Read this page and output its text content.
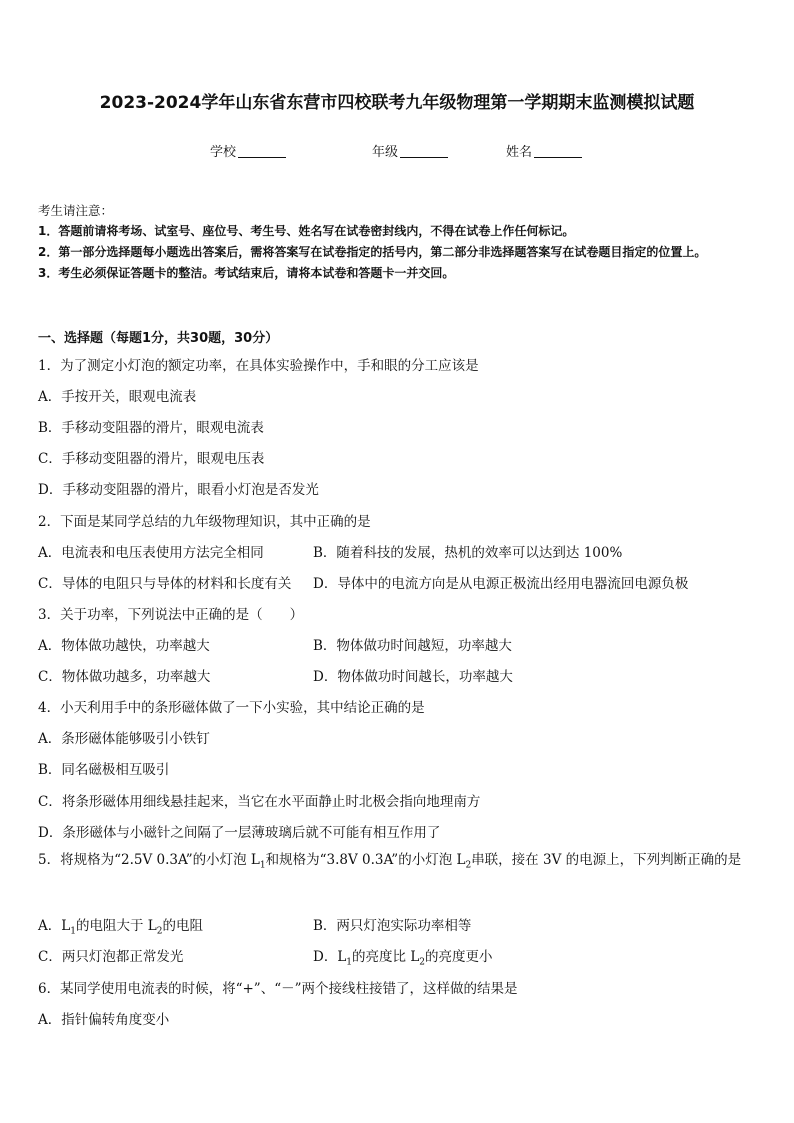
2023-2024学年山东省东营市四校联考九年级物理第一学期期末监测模拟试题
学校	年级	姓名
考生请注意：
1．答题前请将考场、试室号、座位号、考生号、姓名写在试卷密封线内，不得在试卷上作任何标记。
2．第一部分选择题每小题选出答案后，需将答案写在试卷指定的括号内，第二部分非选择题答案写在试卷题目指定的位置上。
3．考生必须保证答题卡的整洁。考试结束后，请将本试卷和答题卡一并交回。
一、选择题（每题1分，共30题，30分）
1．为了测定小灯泡的额定功率，在具体实验操作中，手和眼的分工应该是
A．手按开关，眼观电流表
B．手移动变阻器的滑片，眼观电流表
C．手移动变阻器的滑片，眼观电压表
D．手移动变阻器的滑片，眼看小灯泡是否发光
2．下面是某同学总结的九年级物理知识，其中正确的是
A．电流表和电压表使用方法完全相同	B．随着科技的发展，热机的效率可以达到达 100%
C．导体的电阻只与导体的材料和长度有关 D．导体中的电流方向是从电源正极流出经用电器流回电源负极
3．关于功率，下列说法中正确的是（　　）
A．物体做功越快，功率越大	B．物体做功时间越短，功率越大
C．物体做功越多，功率越大	D．物体做功时间越长，功率越大
4．小天利用手中的条形磁体做了一下小实验，其中结论正确的是
A．条形磁体能够吸引小铁钉
B．同名磁极相互吸引
C．将条形磁体用细线悬挂起来，当它在水平面静止时北极会指向地理南方
D．条形磁体与小磁针之间隔了一层薄玻璃后就不可能有相互作用了
5．将规格为“2.5V 0.3A”的小灯泡 $L_1$和规格为“3.8V 0.3A”的小灯泡 $L_2$串联，接在 3V 的电源上，下列判断正确的是
A．$L_1$的电阻大于 $L_2$的电阻	B．两只灯泡实际功率相等
C．两只灯泡都正常发光	D．$L_1$的亮度比 $L_2$的亮度更小
6．某同学使用电流表的时候，将“+”、“－”两个接线柱接错了，这样做的结果是
A．指针偏转角度变小
